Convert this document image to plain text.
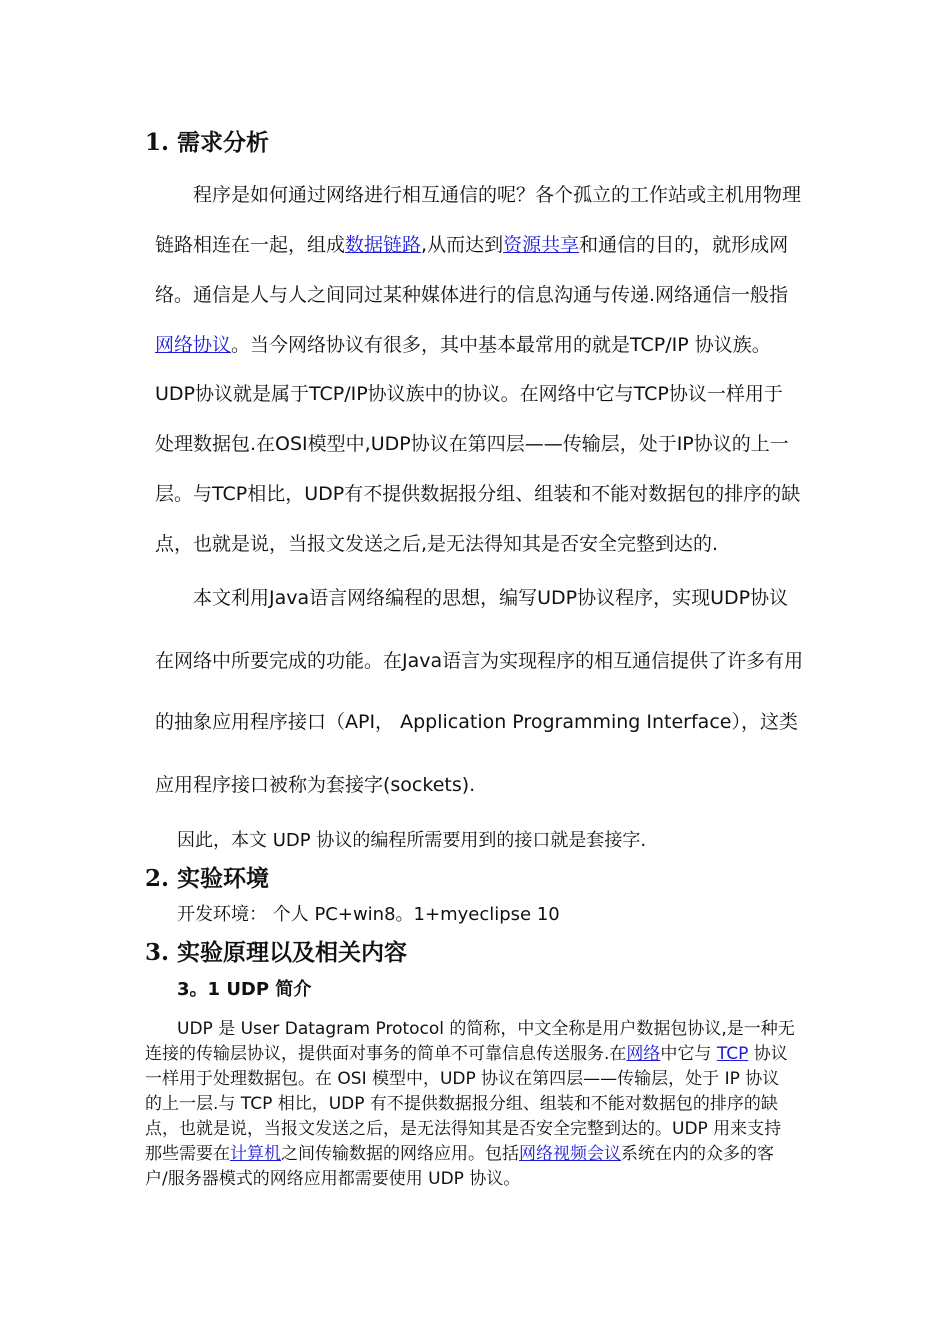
1. 需求分析
程序是如何通过网络进行相互通信的呢？各个孤立的工作站或主机用物理
链路相连在一起，组成数据链路,从而达到资源共享和通信的目的，就形成网
络。通信是人与人之间同过某种媒体进行的信息沟通与传递.网络通信一般指
网络协议。当今网络协议有很多，其中基本最常用的就是TCP/IP 协议族。
UDP协议就是属于TCP/IP协议族中的协议。在网络中它与TCP协议一样用于
处理数据包.在OSI模型中,UDP协议在第四层——传输层，处于IP协议的上一
层。与TCP相比，UDP有不提供数据报分组、组装和不能对数据包的排序的缺
点，也就是说，当报文发送之后,是无法得知其是否安全完整到达的.
本文利用Java语言网络编程的思想，编写UDP协议程序，实现UDP协议
在网络中所要完成的功能。在Java语言为实现程序的相互通信提供了许多有用
的抽象应用程序接口（API， Application Programming Interface），这类
应用程序接口被称为套接字(sockets).
因此，本文 UDP 协议的编程所需要用到的接口就是套接字.
2. 实验环境
开发环境： 个人 PC+win8。1+myeclipse 10
3. 实验原理以及相关内容
3。1 UDP 简介
UDP 是 User Datagram Protocol 的简称，中文全称是用户数据包协议,是一种无
连接的传输层协议，提供面对事务的简单不可靠信息传送服务.在网络中它与 TCP 协议
一样用于处理数据包。在 OSI 模型中，UDP 协议在第四层——传输层，处于 IP 协议
的上一层.与 TCP 相比，UDP 有不提供数据报分组、组装和不能对数据包的排序的缺
点，也就是说，当报文发送之后，是无法得知其是否安全完整到达的。UDP 用来支持
那些需要在计算机之间传输数据的网络应用。包括网络视频会议系统在内的众多的客
户/服务器模式的网络应用都需要使用 UDP 协议。
